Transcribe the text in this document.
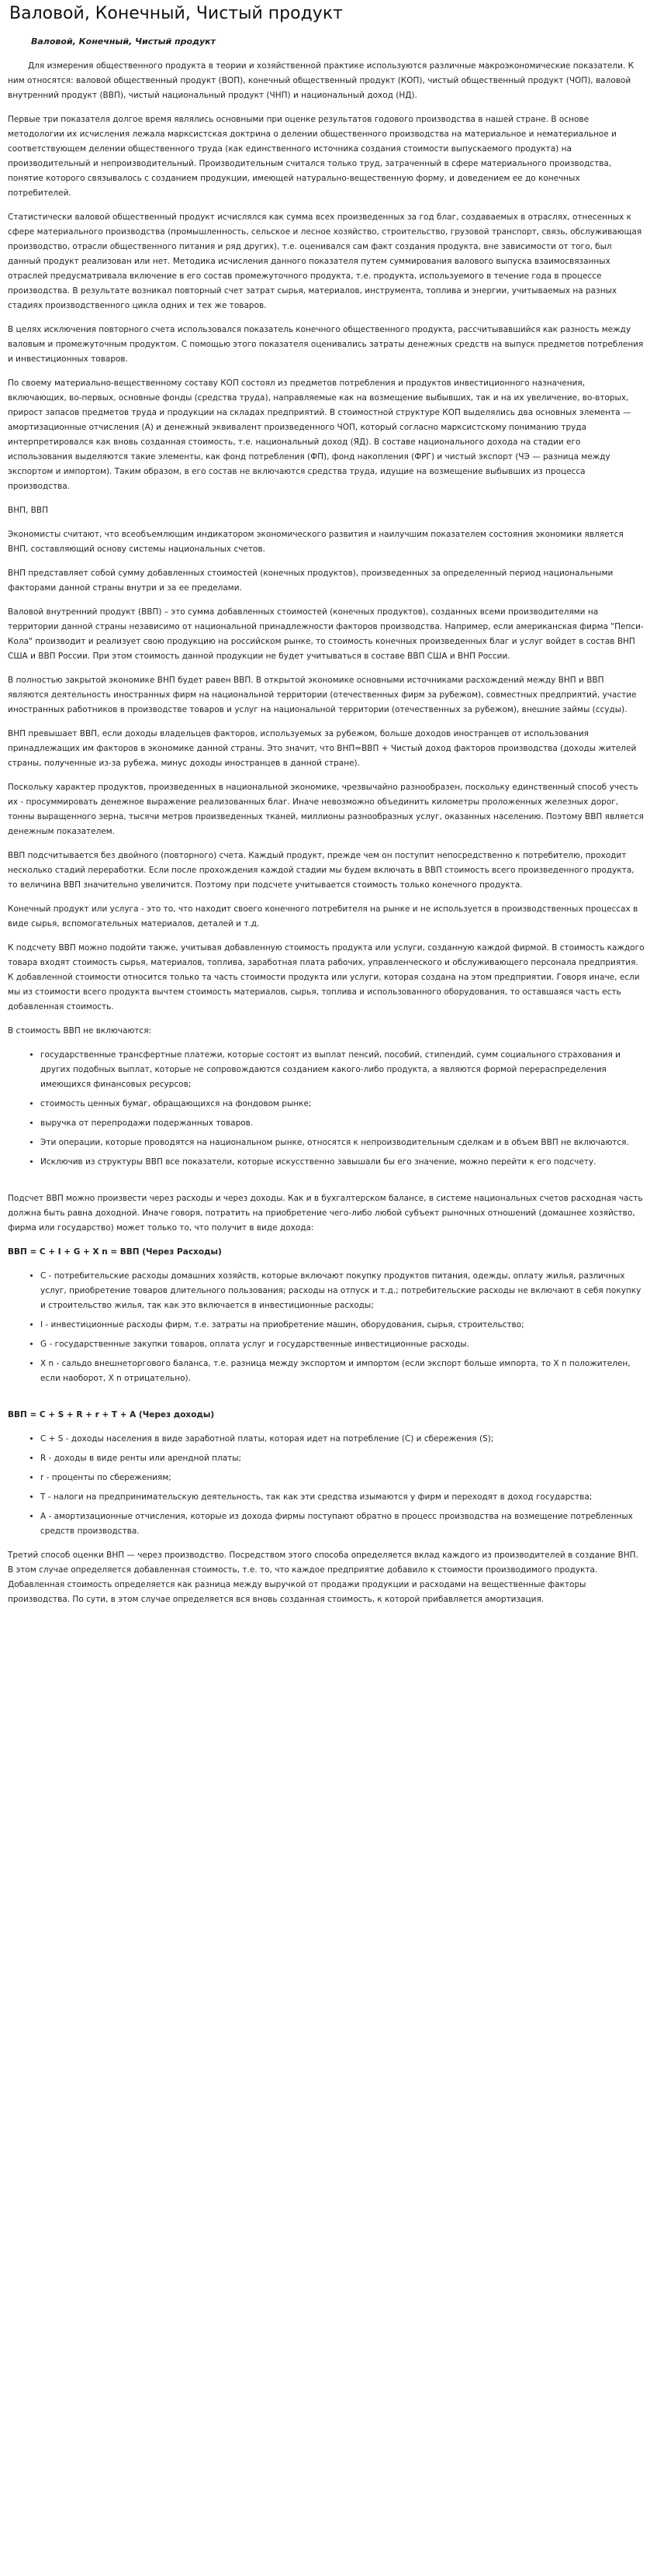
Валовой, Конечный, Чистый продукт
Валовой, Конечный, Чистый продукт

Для измерения общественного продукта в теории и хозяйственной практике используются различные макроэкономические показатели. К ним относятся: валовой общественный продукт (ВОП), конечный общественный продукт (КОП), чистый общественный продукт (ЧОП), валовой внутренний продукт (ВВП), чистый национальный продукт (ЧНП) и национальный доход (НД).

Первые три показателя долгое время являлись основными при оценке результатов годового производства в нашей стране. В основе методологии их исчисления лежала марксистская доктрина о делении общественного производства на материальное и нематериальное и соответствующем делении общественного труда (как единственного источника создания стоимости выпускаемого продукта) на производительный и непроизводительный. Производительным считался только труд, затраченный в сфере материального производства, понятие которого связывалось с созданием продукции, имеющей натурально-вещественную форму, и доведением ее до конечных потребителей.

Статистически валовой общественный продукт исчислялся как сумма всех произведенных за год благ, создаваемых в отраслях, отнесенных к сфере материального производства (промышленность, сельское и лесное хозяйство, строительство, грузовой транспорт, связь, обслуживающая производство, отрасли общественного питания и ряд других), т.е. оценивался сам факт создания продукта, вне зависимости от того, был данный продукт реализован или нет. Методика исчисления данного показателя путем суммирования валового выпуска взаимосвязанных отраслей предусматривала включение в его состав промежуточного продукта, т.е. продукта, используемого в течение года в процессе производства. В результате возникал повторный счет затрат сырья, материалов, инструмента, топлива и энергии, учитываемых на разных стадиях производственного цикла одних и тех же товаров.

В целях исключения повторного счета использовался показатель конечного общественного продукта, рассчитывавшийся как разность между валовым и промежуточным продуктом. С помощью этого показателя оценивались затраты денежных средств на выпуск предметов потребления и инвестиционных товаров.

По своему материально-вещественному составу КОП состоял из предметов потребления и продуктов инвестиционного назначения, включающих, во-первых, основные фонды (средства труда), направляемые как на возмещение выбывших, так и на их увеличение, во-вторых, прирост запасов предметов труда и продукции на складах предприятий. В стоимостной структуре КОП выделялись два основных элемента — амортизационные отчисления (А) и денежный эквивалент произведенного ЧОП, который согласно марксистскому пониманию труда интерпретировался как вновь созданная стоимость, т.е. национальный доход (ЯД). В составе национального дохода на стадии его использования выделяются такие элементы, как фонд потребления (ФП), фонд накопления (ФРГ) и чистый экспорт (ЧЭ — разница между экспортом и импортом). Таким образом, в его состав не включаются средства труда, идущие на возмещение выбывших из процесса производства.

ВНП, ВВП

Экономисты считают, что всеобъемлющим индикатором экономического развития и наилучшим показателем состояния экономики является ВНП, составляющий основу системы национальных счетов.

ВНП представляет собой сумму добавленных стоимостей (конечных продуктов), произведенных за определенный период национальными факторами данной страны внутри и за ее пределами.

Валовой внутренний продукт (ВВП) – это сумма добавленных стоимостей (конечных продуктов), созданных всеми производителями на территории данной страны независимо от национальной принадлежности факторов производства. Например, если американская фирма "Пепси-Кола" производит и реализует свою продукцию на российском рынке, то стоимость конечных произведенных благ и услуг войдет в состав ВНП США и ВВП России. При этом стоимость данной продукции не будет учитываться в составе ВВП США и ВНП России.

В полностью закрытой экономике ВНП будет равен ВВП. В открытой экономике основными источниками расхождений между ВНП и ВВП являются деятельность иностранных фирм на национальной территории (отечественных фирм за рубежом), совместных предприятий, участие иностранных работников в производстве товаров и услуг на национальной территории (отечественных за рубежом), внешние займы (ссуды).

ВНП превышает ВВП, если доходы владельцев факторов, используемых за рубежом, больше доходов иностранцев от использования принадлежащих им факторов в экономике данной страны. Это значит, что ВНП=ВВП + Чистый доход факторов производства (доходы жителей страны, полученные из-за рубежа, минус доходы иностранцев в данной стране).

Поскольку характер продуктов, произведенных в национальной экономике, чрезвычайно разнообразен, поскольку единственный способ учесть их - просуммировать денежное выражение реализованных благ. Иначе невозможно объединить километры проложенных железных дорог, тонны выращенного зерна, тысячи метров произведенных тканей, миллионы разнообразных услуг, оказанных населению. Поэтому ВВП является денежным показателем.

ВВП подсчитывается без двойного (повторного) счета. Каждый продукт, прежде чем он поступит непосредственно к потребителю, проходит несколько стадий переработки. Если после прохождения каждой стадии мы будем включать в ВВП стоимость всего произведенного продукта, то величина ВВП значительно увеличится. Поэтому при подсчете учитывается стоимость только конечного продукта.

Конечный продукт или услуга - это то, что находит своего конечного потребителя на рынке и не используется в производственных процессах в виде сырья, вспомогательных материалов, деталей и т.д.

К подсчету ВВП можно подойти также, учитывая добавленную стоимость продукта или услуги, созданную каждой фирмой. В стоимость каждого товара входят стоимость сырья, материалов, топлива, заработная плата рабочих, управленческого и обслуживающего персонала предприятия. К добавленной стоимости относится только та часть стоимости продукта или услуги, которая создана на этом предприятии. Говоря иначе, если мы из стоимости всего продукта вычтем стоимость материалов, сырья, топлива и использованного оборудования, то оставшаяся часть есть добавленная стоимость.

В стоимость ВВП не включаются:

• государственные трансфертные платежи, которые состоят из выплат пенсий, пособий, стипендий, сумм социального страхования и других подобных выплат, которые не сопровождаются созданием какого-либо продукта, а являются формой перераспределения имеющихся финансовых ресурсов;
• стоимость ценных бумаг, обращающихся на фондовом рынке;
• выручка от перепродажи подержанных товаров.
• Эти операции, которые проводятся на национальном рынке, относятся к непроизводительным сделкам и в объем ВВП не включаются.
• Исключив из структуры ВВП все показатели, которые искусственно завышали бы его значение, можно перейти к его подсчету.

Подсчет ВВП можно произвести через расходы и через доходы. Как и в бухгалтерском балансе, в системе национальных счетов расходная часть должна быть равна доходной. Иначе говоря, потратить на приобретение чего-либо любой субъект рыночных отношений (домашнее хозяйство, фирма или государство) может только то, что получит в виде дохода:

ВВП = C + I + G + X n = ВВП (Через Расходы)
• C - потребительские расходы домашних хозяйств, которые включают покупку продуктов питания, одежды, оплату жилья, различных услуг, приобретение товаров длительного пользования; расходы на отпуск и т.д.; потребительские расходы не включают в себя покупку и строительство жилья, так как это включается в инвестиционные расходы;
• I - инвестиционные расходы фирм, т.е. затраты на приобретение машин, оборудования, сырья, строительство;
• G - государственные закупки товаров, оплата услуг и государственные инвестиционные расходы.
• X n - сальдо внешнеторгового баланса, т.е. разница между экспортом и импортом (если экспорт больше импорта, то X n положителен, если наоборот, X n отрицательно).
ВВП = C + S + R + r + T + A (Через доходы)
• C + S - доходы населения в виде заработной платы, которая идет на потребление (C) и сбережения (S);
• R - доходы в виде ренты или арендной платы;
• r - проценты по сбережениям;
• T - налоги на предпринимательскую деятельность, так как эти средства изымаются у фирм и переходят в доход государства;
• A - амортизационные отчисления, которые из дохода фирмы поступают обратно в процесс производства на возмещение потребленных средств производства.

Третий способ оценки ВНП — через производство. Посредством этого способа определяется вклад каждого из производителей в создание ВНП. В этом случае определяется добавленная стоимость, т.е. то, что каждое предприятие добавило к стоимости производимого продукта. Добавленная стоимость определяется как разница между выручкой от продажи продукции и расходами на вещественные факторы производства. По сути, в этом случае определяется вся вновь созданная стоимость, к которой прибавляется амортизация.
